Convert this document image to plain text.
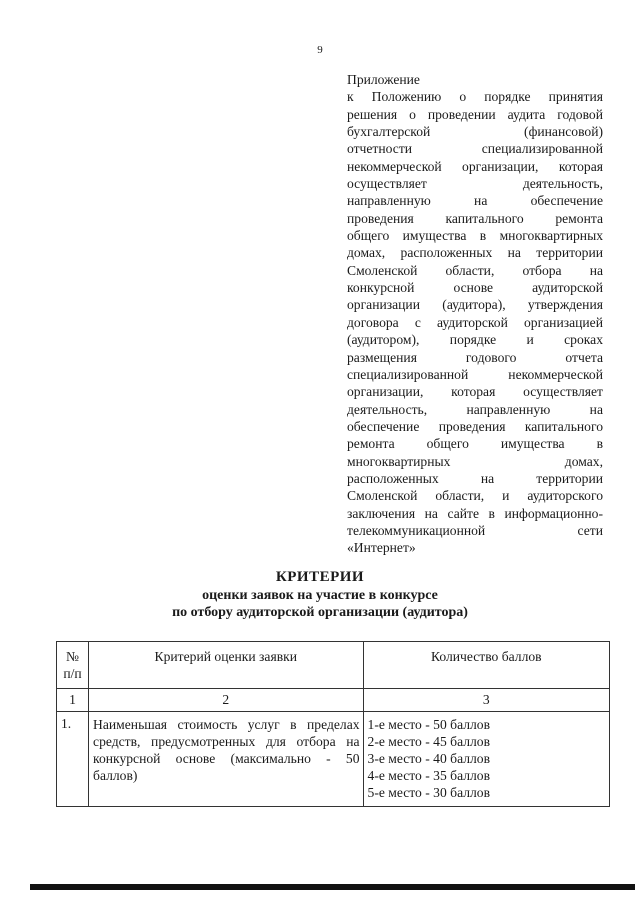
9
Приложение
к Положению о порядке принятия
решения о проведении аудита годовой
бухгалтерской (финансовой)
отчетности специализированной
некоммерческой организации, которая
осуществляет деятельность,
направленную на обеспечение
проведения капитального ремонта
общего имущества в многоквартирных
домах, расположенных на территории
Смоленской области, отбора на
конкурсной основе аудиторской
организации (аудитора), утверждения
договора с аудиторской организацией
(аудитором), порядке и сроках
размещения годового отчета
специализированной некоммерческой
организации, которая осуществляет
деятельность, направленную на
обеспечение проведения капитального
ремонта общего имущества в
многоквартирных домах,
расположенных на территории
Смоленской области, и аудиторского
заключения на сайте в информационно-
телекоммуникационной сети
«Интернет»
КРИТЕРИИ
оценки заявок на участие в конкурсе
по отбору аудиторской организации (аудитора)
№
п/п	Критерий оценки заявки	Количество баллов

1	2	3
1.	Наименьшая стоимость услуг в пределах средств, предусмотренных для отбора на конкурсной основе (максимально - 50 баллов)	1-е место - 50 баллов
2-е место - 45 баллов
3-е место - 40 баллов
4-е место - 35 баллов
5-е место - 30 баллов
